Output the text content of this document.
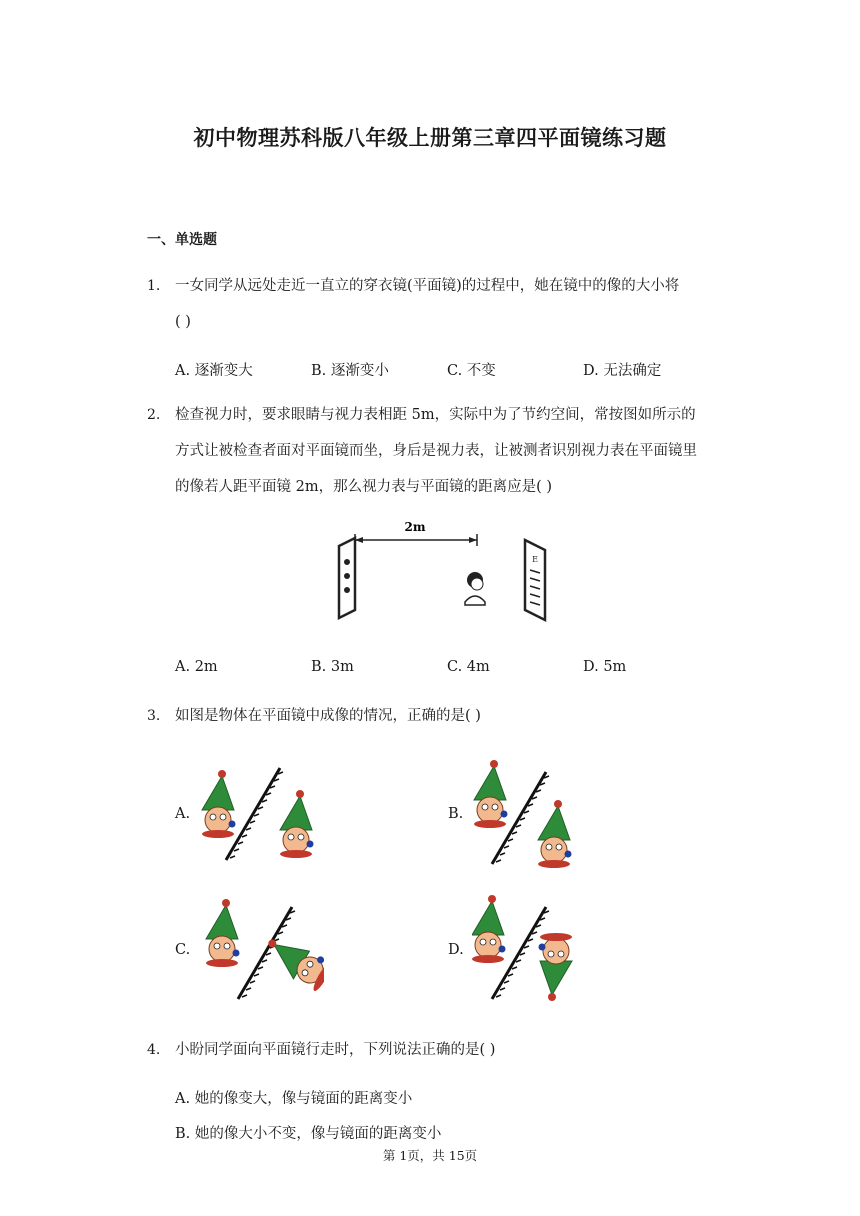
初中物理苏科版八年级上册第三章四平面镜练习题
一、单选题
1. 一女同学从远处走近一直立的穿衣镜(平面镜)的过程中，她在镜中的像的大小将
( )
A. 逐渐变大	B. 逐渐变小	C. 不变	D. 无法确定
2. 检查视力时，要求眼睛与视力表相距 5m，实际中为了节约空间，常按图如所示的
方式让被检查者面对平面镜而坐，身后是视力表，让被测者识别视力表在平面镜里
的像若人距平面镜 2m，那么视力表与平面镜的距离应是( )
2m
E
A. 2m	B. 3m	C. 4m	D. 5m
3. 如图是物体在平面镜中成像的情况，正确的是( )
A.	B.
C.	D.
4. 小盼同学面向平面镜行走时，下列说法正确的是( )
A. 她的像变大，像与镜面的距离变小
B. 她的像大小不变，像与镜面的距离变小
第 1页，共 15页
